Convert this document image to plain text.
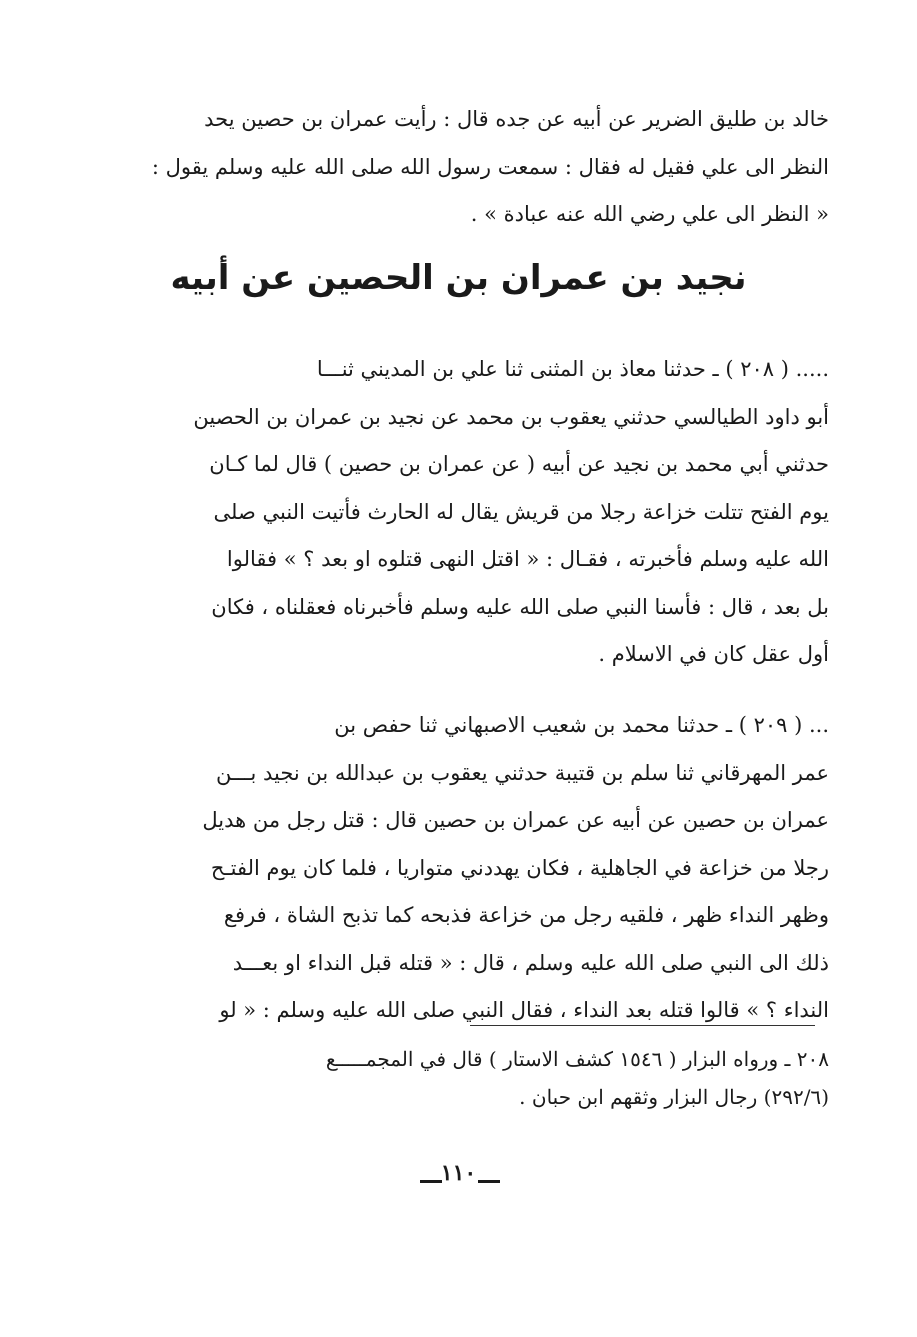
خالد بن طليق الضرير عن أبيه عن جده قال : رأيت عمران بن حصين يحد
النظر الى علي فقيل له فقال : سمعت رسول الله صلى الله عليه وسلم يقول :
« النظر الى علي رضي الله عنه عبادة » .
نجيد بن عمران بن الحصين عن أبيه
..... ( ٢٠٨ ) ـ حدثنا معاذ بن المثنى ثنا علي بن المديني ثنـــا
أبو داود الطيالسي حدثني يعقوب بن محمد عن نجيد بن عمران بن الحصين
حدثني أبي محمد بن نجيد عن أبيه ( عن عمران بن حصين ) قال لما كـان
يوم الفتح تتلت خزاعة رجلا من قريش يقال له الحارث فأتيت النبي صلى
الله عليه وسلم فأخبرته ، فقـال : « اقتل النهى قتلوه او بعد ؟ » فقالوا
بل بعد ، قال : فأسنا النبي صلى الله عليه وسلم فأخبرناه فعقلناه ، فكان
أول عقل كان في الاسلام .
... ( ٢٠٩ ) ـ حدثنا محمد بن شعيب الاصبهاني ثنا حفص بن
عمر المهرقاني ثنا سلم بن قتيبة حدثني يعقوب بن عبدالله بن نجيد بـــن
عمران بن حصين عن أبيه عن عمران بن حصين قال : قتل رجل من هديل
رجلا من خزاعة في الجاهلية ، فكان يهددني متواريا ، فلما كان يوم الفتـح
وظهر النداء ظهر ، فلقيه رجل من خزاعة فذبحه كما تذبح الشاة ، فرفع
ذلك الى النبي صلى الله عليه وسلم ، قال : « قتله قبل النداء او بعـــد
النداء ؟ » قالوا قتله بعد النداء ، فقال النبي صلى الله عليه وسلم : « لو
٢٠٨ ـ ورواه البزار ( ١٥٤٦ كشف الاستار ) قال في المجمـــــع
(٢٩٢/٦) رجال البزار وثقهم ابن حبان .
١١٠
